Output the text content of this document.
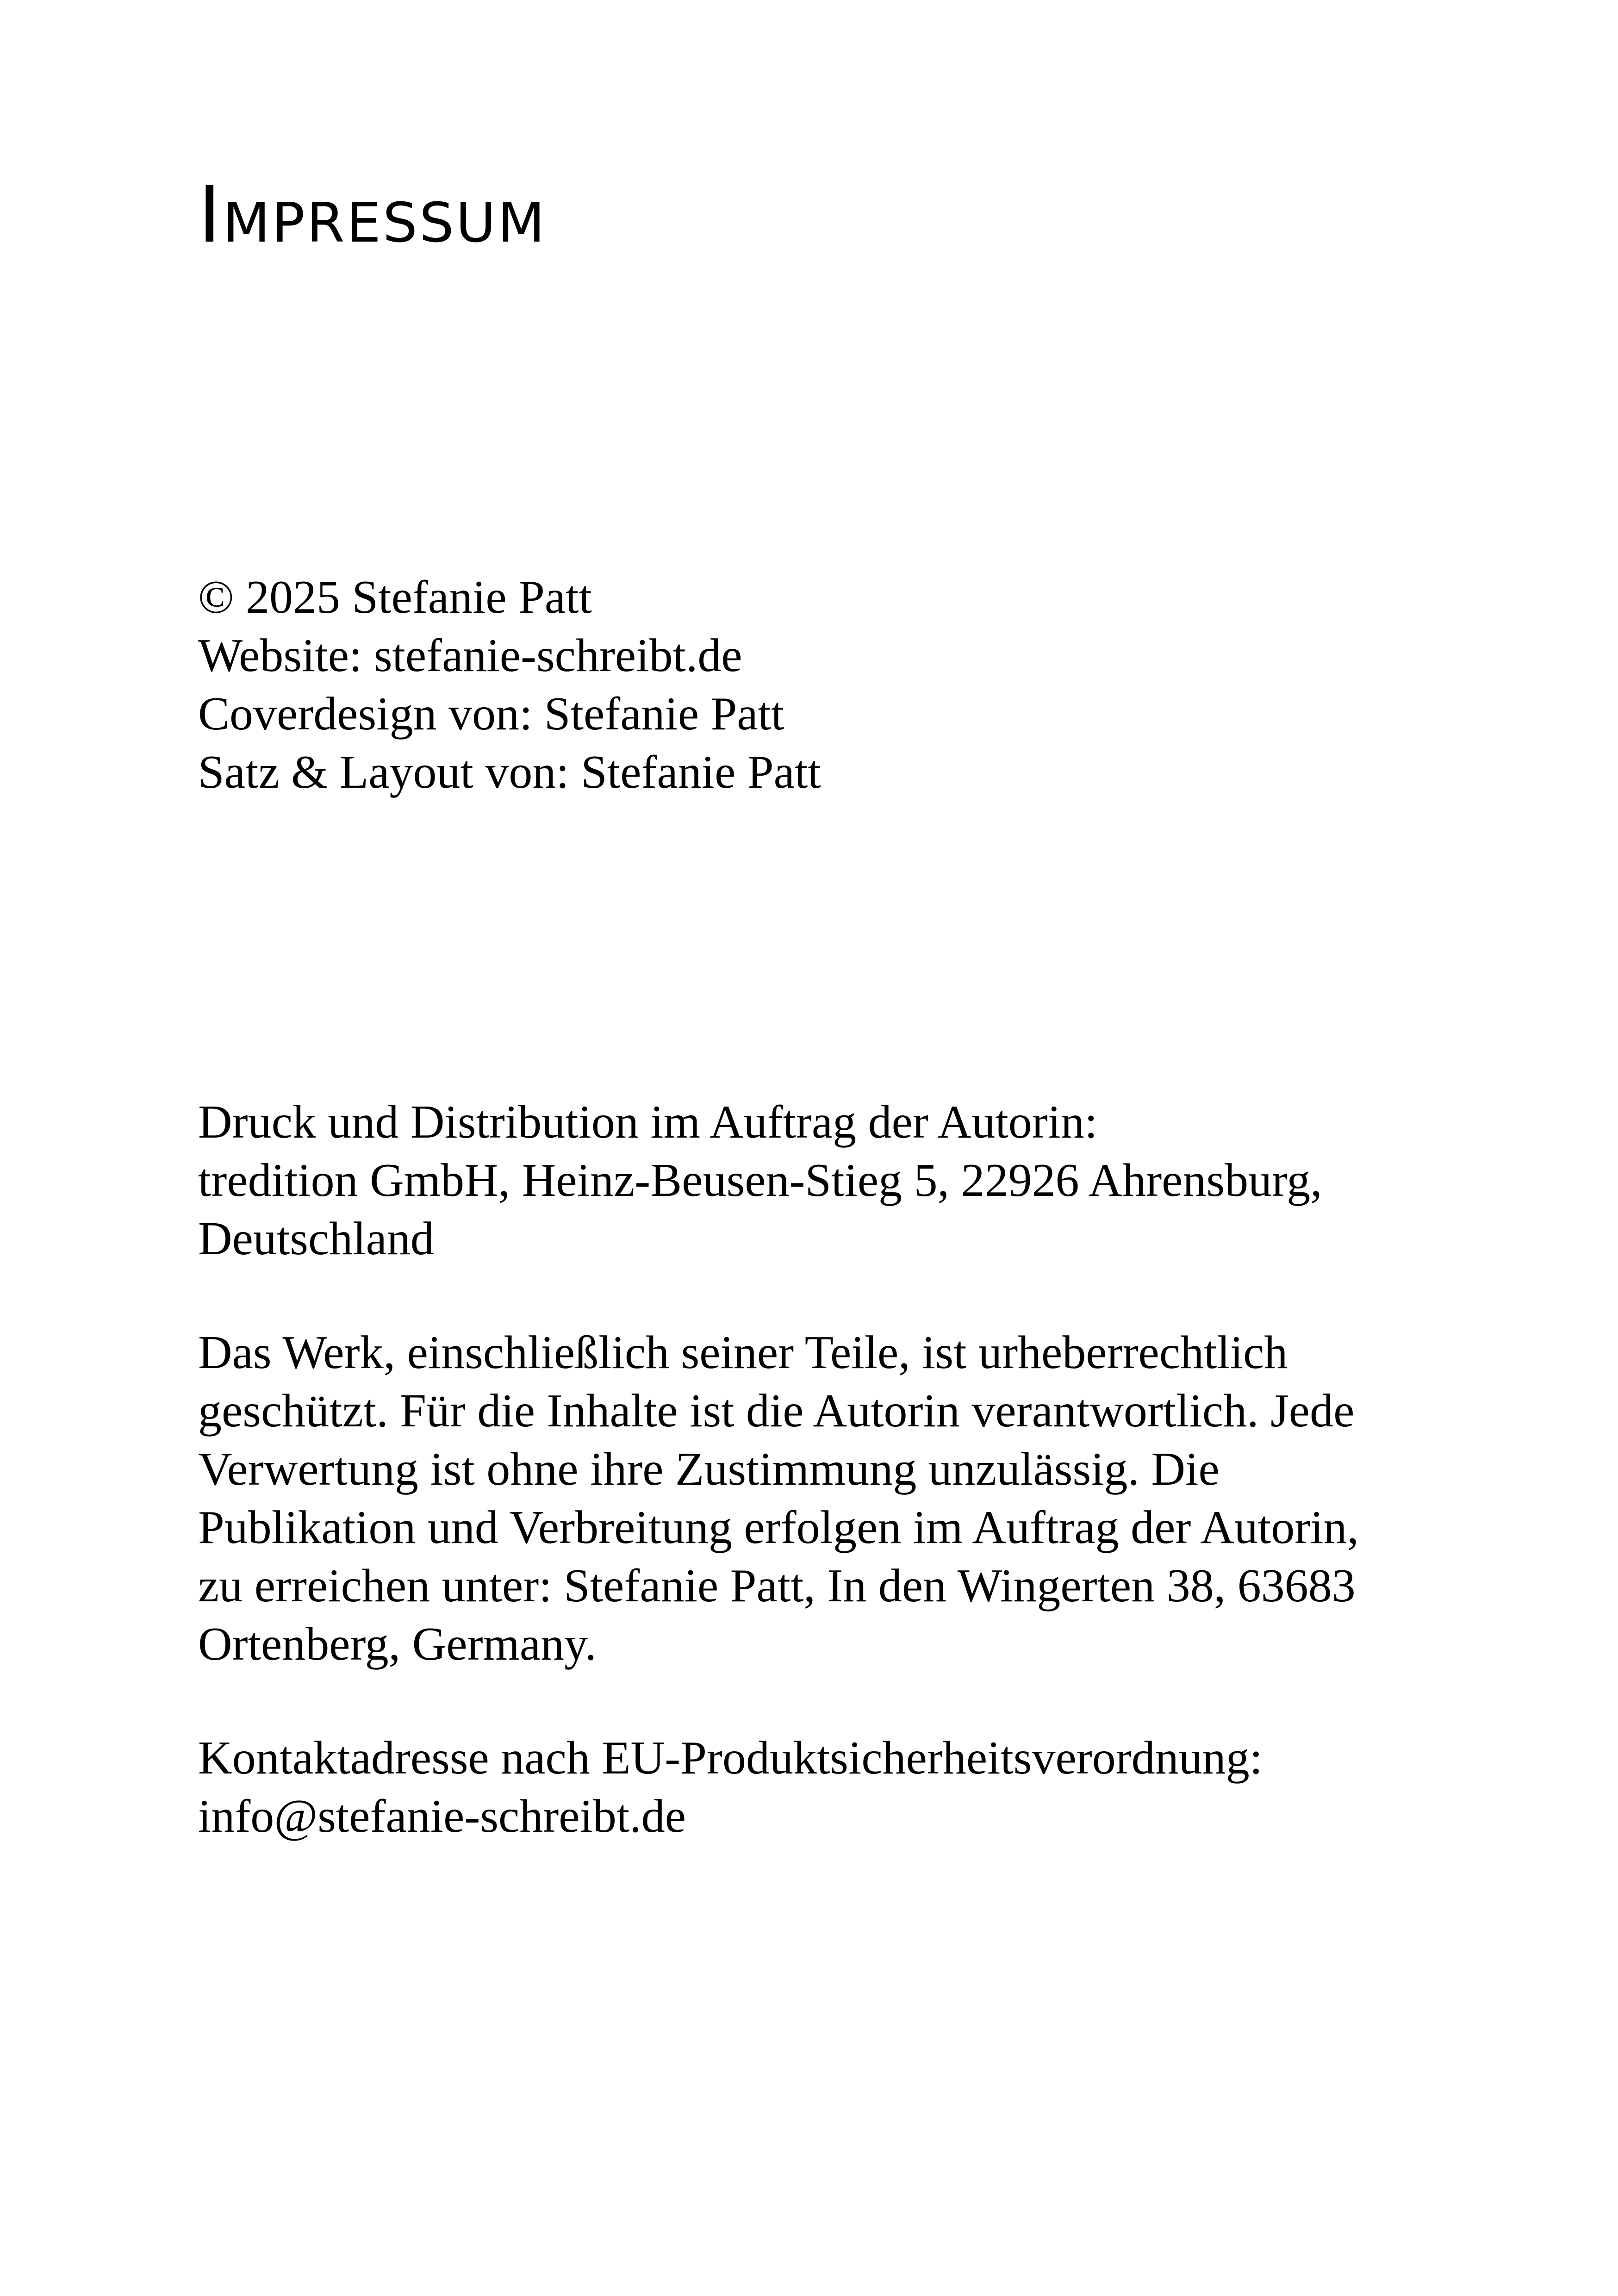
Impressum
© 2025 Stefanie Patt
Website: stefanie-schreibt.de
Coverdesign von: Stefanie Patt
Satz & Layout von: Stefanie Patt
Druck und Distribution im Auftrag der Autorin:
tredition GmbH, Heinz-Beusen-Stieg 5, 22926 Ahrensburg,
Deutschland
Das Werk, einschließlich seiner Teile, ist urheberrechtlich
geschützt. Für die Inhalte ist die Autorin verantwortlich. Jede
Verwertung ist ohne ihre Zustimmung unzulässig. Die
Publikation und Verbreitung erfolgen im Auftrag der Autorin,
zu erreichen unter: Stefanie Patt, In den Wingerten 38, 63683
Ortenberg, Germany.
Kontaktadresse nach EU-Produktsicherheitsverordnung:
info@stefanie-schreibt.de
